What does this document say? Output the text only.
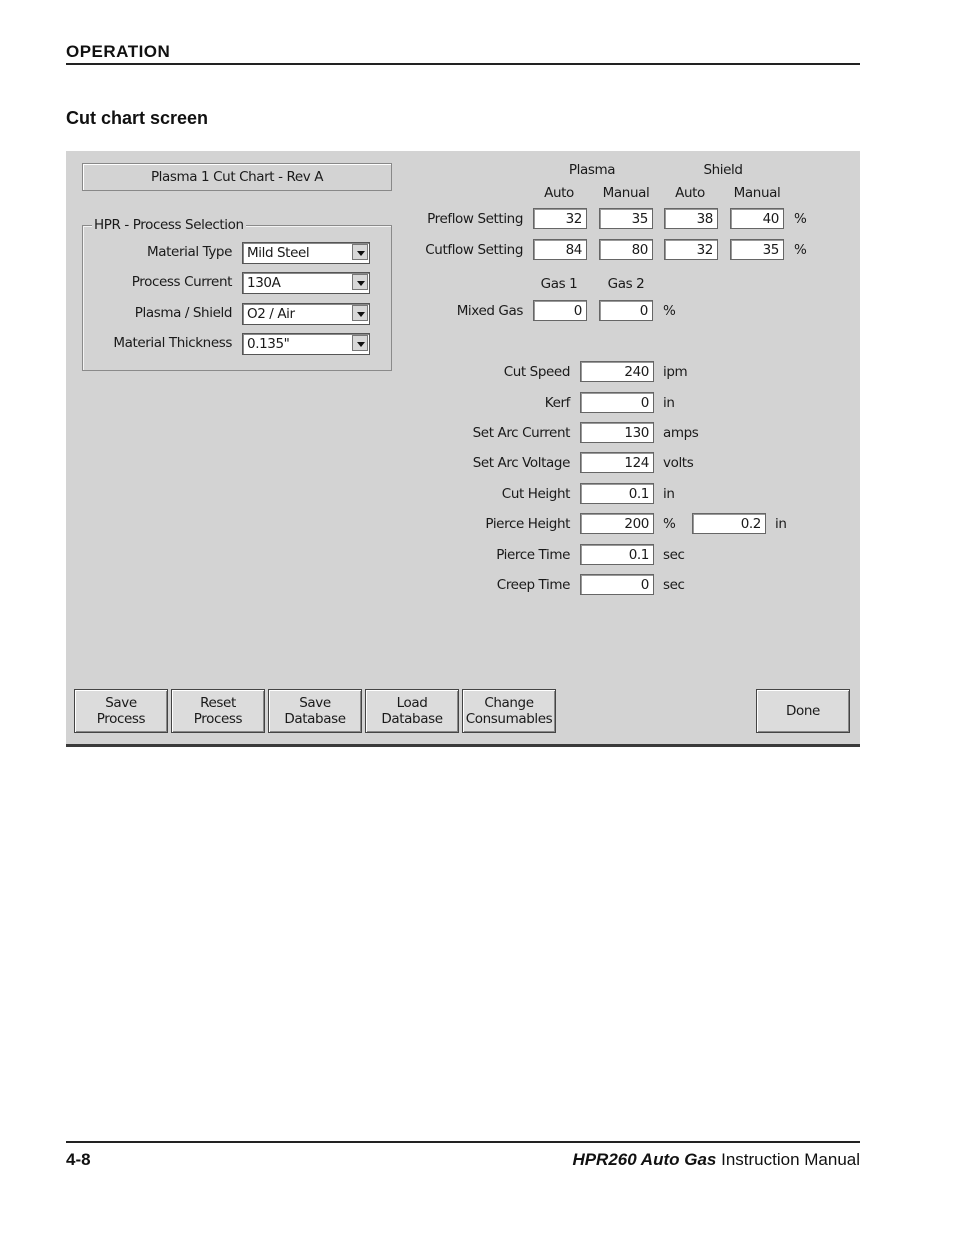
OPERATION
Cut chart screen
Plasma 1 Cut Chart - Rev A
HPR - Process Selection
Material Type Mild Steel
Process Current 130A
Plasma / Shield O2 / Air
Material Thickness 0.135"
Plasma	Shield
Auto	Manual	Auto	Manual
Preflow Setting	32	35	38	40	%
Cutflow Setting	84	80	32	35	%
Gas 1	Gas 2
Mixed Gas	0	0	%
Cut Speed	240	ipm
Kerf	0	in
Set Arc Current	130	amps
Set Arc Voltage	124	volts
Cut Height	0.1	in
Pierce Height	200	%	0.2	in
Pierce Time	0.1	sec
Creep Time	0	sec
Save
Process
Reset
Process
Save
Database
Load
Database
Change
Consumables	Done
4-8	HPR260 Auto Gas Instruction Manual
